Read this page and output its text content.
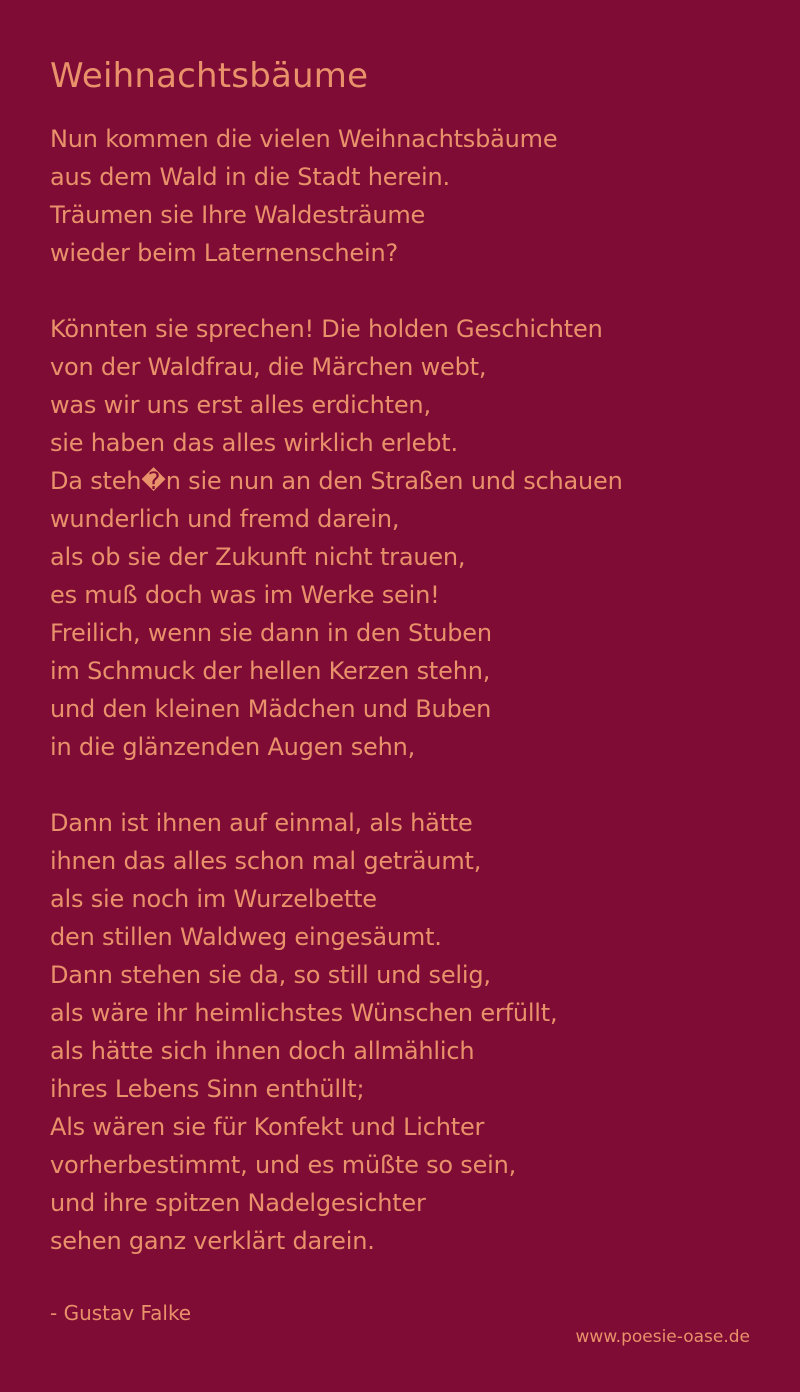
Weihnachtsbäume
Nun kommen die vielen Weihnachtsbäume
aus dem Wald in die Stadt herein.
Träumen sie Ihre Waldesträume
wieder beim Laternenschein?
Könnten sie sprechen! Die holden Geschichten
von der Waldfrau, die Märchen webt,
was wir uns erst alles erdichten,
sie haben das alles wirklich erlebt.
Da steh�n sie nun an den Straßen und schauen
wunderlich und fremd darein,
als ob sie der Zukunft nicht trauen,
es muß doch was im Werke sein!
Freilich, wenn sie dann in den Stuben
im Schmuck der hellen Kerzen stehn,
und den kleinen Mädchen und Buben
in die glänzenden Augen sehn,
Dann ist ihnen auf einmal, als hätte
ihnen das alles schon mal geträumt,
als sie noch im Wurzelbette
den stillen Waldweg eingesäumt.
Dann stehen sie da, so still und selig,
als wäre ihr heimlichstes Wünschen erfüllt,
als hätte sich ihnen doch allmählich
ihres Lebens Sinn enthüllt;
Als wären sie für Konfekt und Lichter
vorherbestimmt, und es müßte so sein,
und ihre spitzen Nadelgesichter
sehen ganz verklärt darein.
- Gustav Falke
www.poesie-oase.de
